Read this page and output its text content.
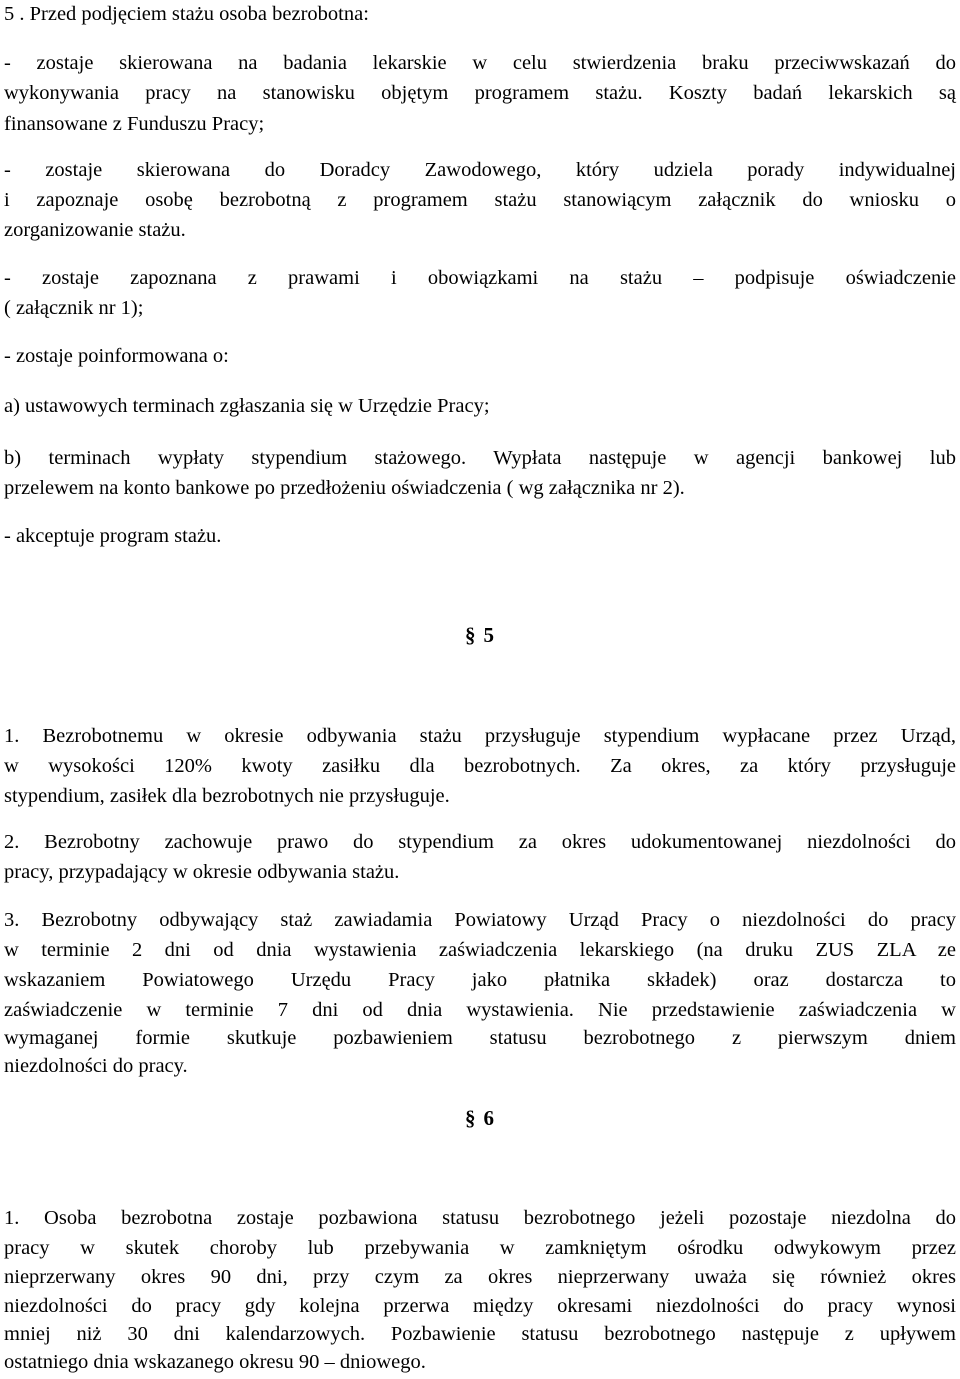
5 . Przed podjęciem stażu osoba bezrobotna:
- zostaje skierowana na badania lekarskie w celu stwierdzenia braku przeciwwskazań do
wykonywania pracy na stanowisku objętym programem stażu. Koszty badań lekarskich są
finansowane z Funduszu Pracy;
- zostaje skierowana do Doradcy Zawodowego, który udziela porady indywidualnej
i zapoznaje osobę bezrobotną z programem stażu stanowiącym załącznik do wniosku o
zorganizowanie stażu.
- zostaje zapoznana z prawami i obowiązkami na stażu – podpisuje oświadczenie
( załącznik nr 1);
- zostaje poinformowana o:
a) ustawowych terminach zgłaszania się w Urzędzie Pracy;
b) terminach wypłaty stypendium stażowego. Wypłata następuje w agencji bankowej lub
przelewem na konto bankowe po przedłożeniu oświadczenia ( wg załącznika nr 2).
- akceptuje program stażu.
§ 5
1. Bezrobotnemu w okresie odbywania stażu przysługuje stypendium wypłacane przez Urząd,
w wysokości 120% kwoty zasiłku dla bezrobotnych. Za okres, za który przysługuje
stypendium, zasiłek dla bezrobotnych nie przysługuje.
2. Bezrobotny zachowuje prawo do stypendium za okres udokumentowanej niezdolności do
pracy, przypadający w okresie odbywania stażu.
3. Bezrobotny odbywający staż zawiadamia Powiatowy Urząd Pracy o niezdolności do pracy
w terminie 2 dni od dnia wystawienia zaświadczenia lekarskiego (na druku ZUS ZLA ze
wskazaniem Powiatowego Urzędu Pracy jako płatnika składek) oraz dostarcza to
zaświadczenie w terminie 7 dni od dnia wystawienia. Nie przedstawienie zaświadczenia w
wymaganej formie skutkuje pozbawieniem statusu bezrobotnego z pierwszym dniem
niezdolności do pracy.
§ 6
1. Osoba bezrobotna zostaje pozbawiona statusu bezrobotnego jeżeli pozostaje niezdolna do
pracy w skutek choroby lub przebywania w zamkniętym ośrodku odwykowym przez
nieprzerwany okres 90 dni, przy czym za okres nieprzerwany uważa się również okres
niezdolności do pracy gdy kolejna przerwa między okresami niezdolności do pracy wynosi
mniej niż 30 dni kalendarzowych. Pozbawienie statusu bezrobotnego następuje z upływem
ostatniego dnia wskazanego okresu 90 – dniowego.
